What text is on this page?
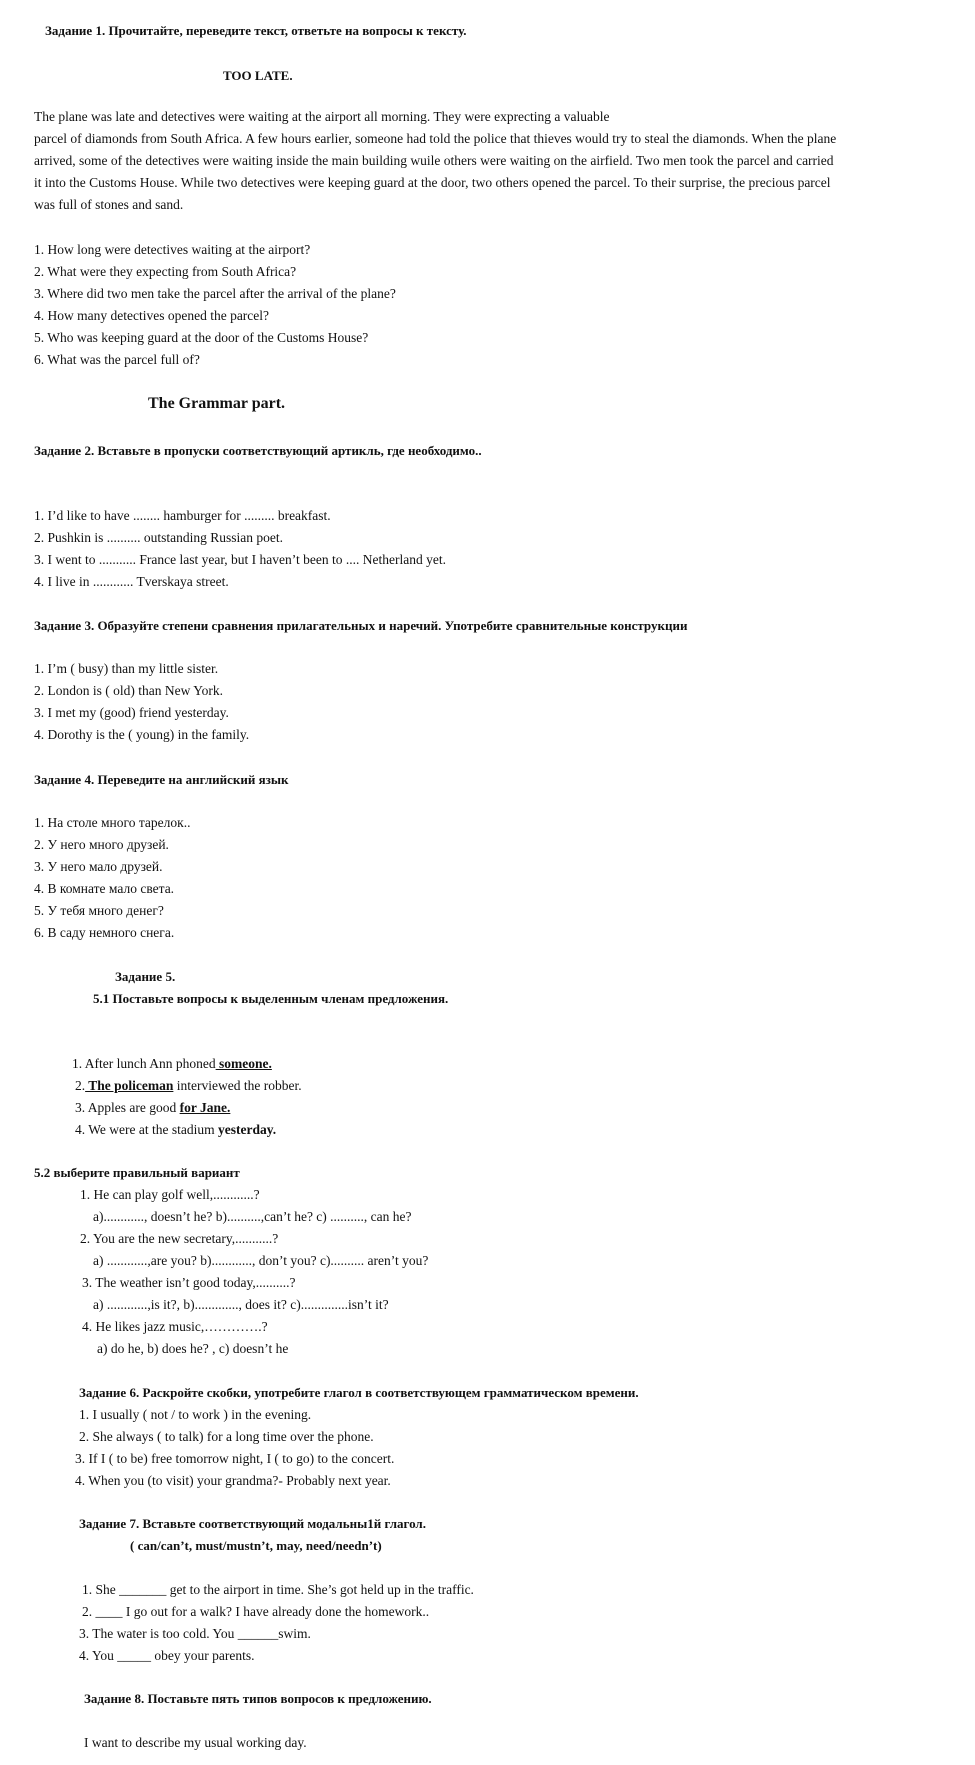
Задание 1. Прочитайте, переведите текст, ответьте на вопросы к тексту.
TOO LATE.
The plane was late and detectives were waiting at the airport all morning. They were exprecting a valuable
parcel of diamonds from South Africa. A few hours earlier, someone had told the police that thieves would try to steal the diamonds. When the plane
arrived, some of the detectives were waiting inside the main building wuile others were waiting on the airfield. Two men took the parcel and carried
it into the Customs House. While two detectives were keeping guard at the door, two others opened the parcel. To their surprise, the precious parcel
was full of stones and sand.
1. How long were detectives waiting at the airport?
2. What were they expecting from South Africa?
3. Where did two men take the parcel after the arrival of the plane?
4. How many detectives opened the parcel?
5. Who was keeping guard at the door of the Customs House?
6. What was the parcel full of?
The Grammar part.
Задание 2. Вставьте в пропуски соответствующий артикль, где необходимо..
1. I’d like to have ........ hamburger for ......... breakfast.
2. Pushkin is .......... outstanding Russian poet.
3. I went to ........... France last year, but I haven’t been to .... Netherland yet.
4. I live in ............ Tverskaya street.
Задание 3. Образуйте степени сравнения прилагательных и наречий. Употребите сравнительные конструкции
1. I’m ( busy) than my little sister.
2. London is ( old) than New York.
3. I met my (good) friend yesterday.
4. Dorothy is the ( young) in the family.
Задание 4. Переведите на английский язык
1. На столе много тарелок..
2. У него много друзей.
3. У него мало друзей.
4. В комнате мало света.
5. У тебя много денег?
6. В саду немного снега.
Задание 5.
5.1 Поставьте вопросы к выделенным членам предложения.
1. After lunch Ann phoned someone.
2. The policeman interviewed the robber.
3. Apples are good for Jane.
4. We were at the stadium yesterday.
5.2 выберите правильный вариант
1. He can play golf well,............?
a)............, doesn’t he? b)..........,can’t he? c) .........., can he?
2. You are the new secretary,...........?
a) ............,are you? b)............, don’t you? c).......... aren’t you?
3. The weather isn’t good today,..........?
a) ............,is it?, b)............., does it? c)..............isn’t it?
4. He likes jazz music,………….?
a) do he, b) does he? , c) doesn’t he
Задание 6. Раскройте скобки, употребите глагол в соответствующем грамматическом времени.
1. I usually ( not / to work ) in the evening.
2. She always ( to talk) for a long time over the phone.
3. If I ( to be) free tomorrow night, I ( to go) to the concert.
4. When you (to visit) your grandma?- Probably next year.
Задание 7. Вставьте соответствующий модальны1й глагол.
( can/can’t, must/mustn’t, may, need/needn’t)
1. She _______ get to the airport in time. She’s got held up in the traffic.
2. ____ I go out for a walk? I have already done the homework..
3. The water is too cold. You ______swim.
4. You _____ obey your parents.
Задание 8. Поставьте пять типов вопросов к предложению.
I want to describe my usual working day.
